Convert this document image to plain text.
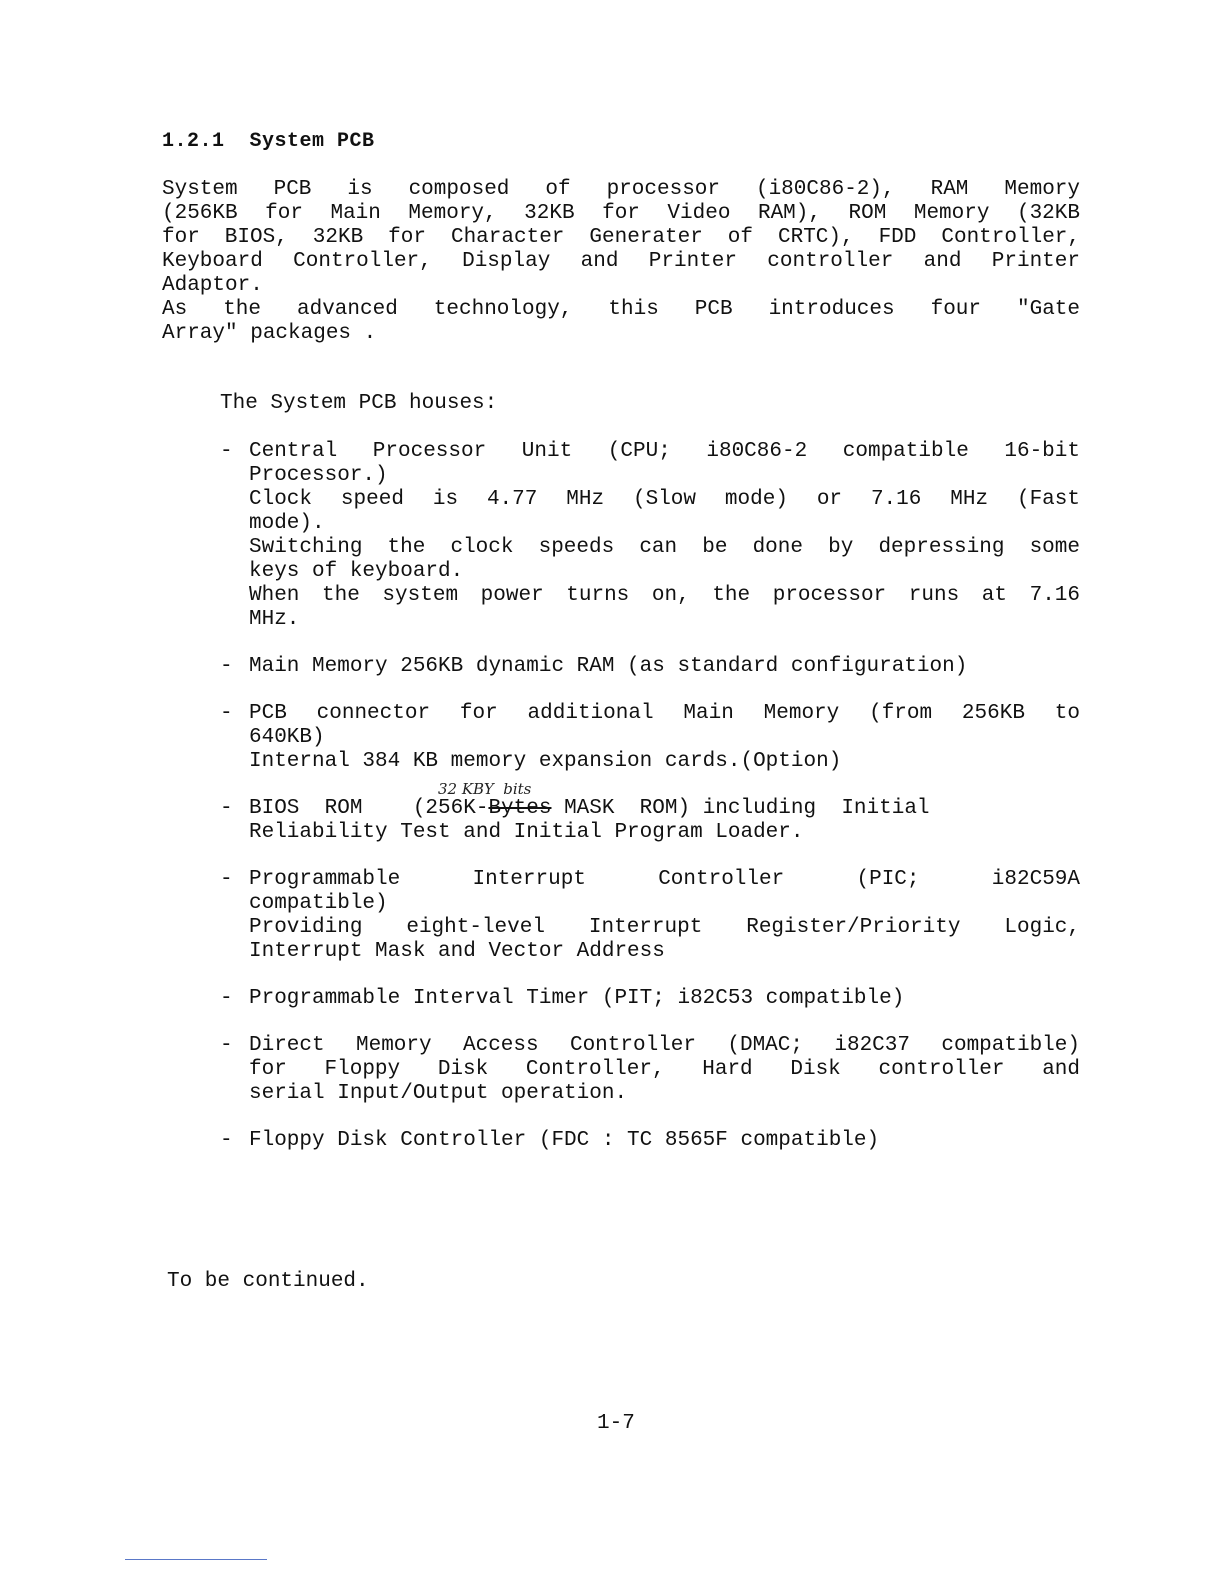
1.2.1  System PCB
System PCB is composed of processor (i80C86-2), RAM Memory
(256KB for Main Memory, 32KB for Video RAM), ROM Memory (32KB
for BIOS, 32KB for Character Generater of CRTC), FDD Controller,
Keyboard Controller, Display and Printer controller and Printer
Adaptor.
As the advanced technology, this PCB introduces four "Gate
Array" packages .
The System PCB houses:
- Central Processor Unit (CPU; i80C86-2 compatible 16-bit
Processor.)
Clock speed is 4.77 MHz (Slow mode) or 7.16 MHz (Fast
mode).
Switching the clock speeds can be done by depressing some
keys of keyboard.
When the system power turns on, the processor runs at 7.16
MHz.
- Main Memory 256KB dynamic RAM (as standard configuration)
- PCB connector for additional Main Memory (from 256KB to
640KB)
Internal 384 KB memory expansion cards.(Option)
32 KBY  bits
- BIOS  ROM    (256K-Bytes MASK  ROM) including  Initial
Reliability Test and Initial Program Loader.
- Programmable Interrupt Controller (PIC; i82C59A
compatible)
Providing eight-level Interrupt Register/Priority Logic,
Interrupt Mask and Vector Address
- Programmable Interval Timer (PIT; i82C53 compatible)
- Direct Memory Access Controller (DMAC; i82C37 compatible)
for Floppy Disk Controller, Hard Disk controller and
serial Input/Output operation.
- Floppy Disk Controller (FDC : TC 8565F compatible)
To be continued.
1-7
